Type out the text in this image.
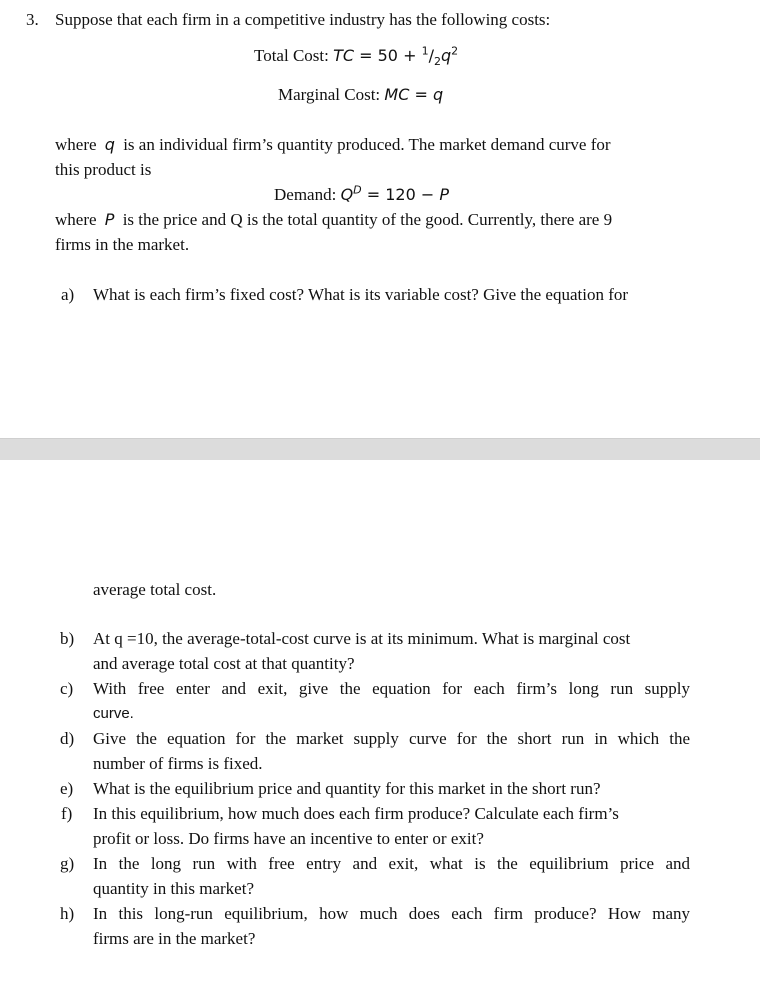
3. Suppose that each firm in a competitive industry has the following costs:
Total Cost: TC = $50 + ^1/_2q^2$
Marginal Cost: MC = q
where q is an individual firm’s quantity produced. The market demand curve for
this product is
Demand: $Q^D = 120 - P$
where P is the price and Q is the total quantity of the good. Currently, there are 9
firms in the market.
a) What is each firm’s fixed cost? What is its variable cost? Give the equation for
average total cost.
b) At q =10, the average-total-cost curve is at its minimum. What is marginal cost
and average total cost at that quantity?
c) With free enter and exit, give the equation for each firm’s long run supply
curve.
d) Give the equation for the market supply curve for the short run in which the
number of firms is fixed.
e) What is the equilibrium price and quantity for this market in the short run?
f) In this equilibrium, how much does each firm produce? Calculate each firm’s
profit or loss. Do firms have an incentive to enter or exit?
g) In the long run with free entry and exit, what is the equilibrium price and
quantity in this market?
h) In this long-run equilibrium, how much does each firm produce? How many
firms are in the market?
